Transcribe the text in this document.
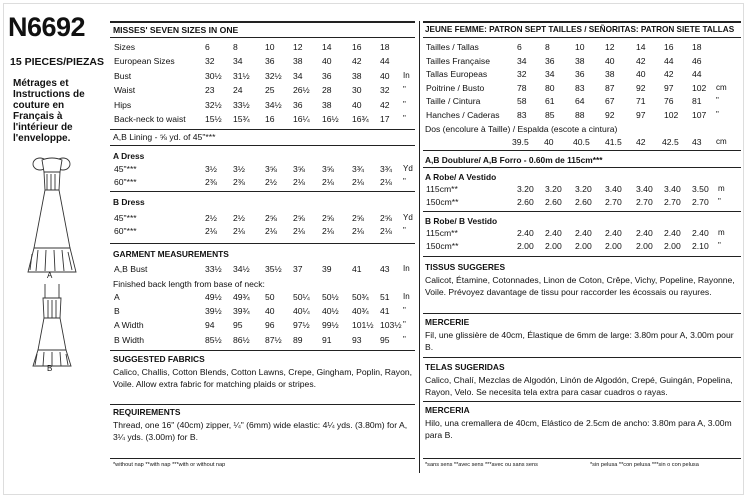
N6692
15 PIECES/PIEZAS
Métrages et Instructions de couture en Français à l'intérieur de l'enveloppe.
A
B
MISSES' SEVEN SIZES IN ONE
Sizes	6	8	10 12 14 16 18
European Sizes	32 34	36 38 40 42 44
Bust	30½ 31½ 32½ 34 36 38 40 In
Waist	23 24	25 26½ 28 30 32 "
Hips	32½ 33½ 34½ 36 38 40 42 "
Back-neck to waist 15½ 15¾ 16 16¼ 16½ 16¾ 17 "
A,B Lining - ⅝ yd. of 45"***
A Dress
45"***	3½ 3½ 3⅝ 3⅝ 3⅝ 3¾ 3¾ Yd
60"***	2⅜ 2⅜ 2½ 2⅛ 2⅛ 2⅛ 2⅛ "
B Dress
45"***	2½ 2½ 2⅝ 2⅝ 2⅝ 2⅝ 2⅝ Yd
60"***	2⅛ 2⅛ 2⅛ 2⅛ 2⅛ 2⅛ 2⅛ "
GARMENT MEASUREMENTS
A,B Bust	33½ 34½ 35½ 37 39 41 43 In
Finished back length from base of neck:
A	49½ 49¾ 50 50¼ 50½ 50¾ 51 In
B	39½ 39¾ 40 40¼ 40½ 40¾ 41 "
A Width	94 95	96 97½ 99½ 101½ 103½ "
B Width	85½ 86½ 87½ 89 91 93 95 "
SUGGESTED FABRICS
Calico, Challis, Cotton Blends, Cotton Lawns, Crepe, Gingham, Poplin, Rayon, Voile. Allow extra fabric for matching plaids or stripes.
REQUIREMENTS
Thread, one 16" (40cm) zipper, ¼" (6mm) wide elastic: 4¼ yds. (3.80m) for A, 3¼ yds. (3.00m) for B.
*without nap **with nap ***with or without nap
JEUNE FEMME: PATRON SEPT TAILLES / SEÑORITAS: PATRON SIETE TALLAS
Tailles / Tallas	6	8	10 12 14 16 18
Tailles Française	34 36 38 40 42 44 46
Tallas Europeas	32 34 36 38 40 42 44
Poitrine / Busto	78 80 83 87 92 97 102 cm
Taille / Cintura	58 61 64 67 71 76 81 "
Hanches / Caderas 83 85 88 92 97 102 107 "
Dos (encolure à Taille) / Espalda (escote a cintura)
39.5 40 40.5 41.5 42 42.5 43 cm
A,B Doublure/ A,B Forro - 0.60m de 115cm***
A Robe/ A Vestido
115cm**	3.20 3.20 3.20 3.40 3.40 3.40 3.50 m
150cm**	2.60 2.60 2.60 2.70 2.70 2.70 2.70 "
B Robe/ B Vestido
115cm**	2.40 2.40 2.40 2.40 2.40 2.40 2.40 m
150cm**	2.00 2.00 2.00 2.00 2.00 2.00 2.10 "
TISSUS SUGGERES
Calicot, Étamine, Cotonnades, Linon de Coton, Crêpe, Vichy, Popeline, Rayonne, Voile. Prévoyez davantage de tissu pour raccorder les écossais ou rayures.
MERCERIE
Fil, une glissière de 40cm, Élastique de 6mm de large: 3.80m pour A, 3.00m pour B.
TELAS SUGERIDAS
Calico, Chalí, Mezclas de Algodón, Linón de Algodón, Crepé, Guingán, Popelina, Rayon, Velo. Se necesita tela extra para casar cuadros o rayas.
MERCERIA
Hilo, una cremallera de 40cm, Elástico de 2.5cm de ancho: 3.80m para A, 3.00m para B.
*sans sens **avec sens ***avec ou sans sens	*sin pelusa **con pelusa ***sin o con pelusa
